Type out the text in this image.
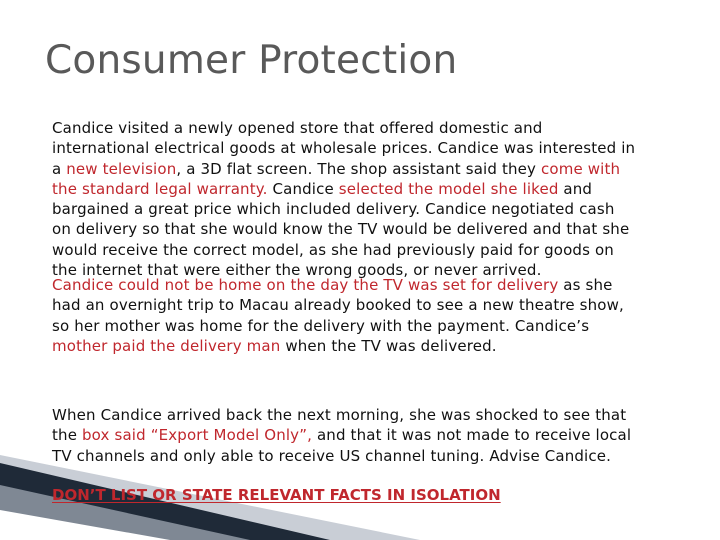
Consumer Protection
Candice visited a newly opened store that offered domestic and
international electrical goods at wholesale prices. Candice was interested in
a new television, a 3D flat screen. The shop assistant said they come with
the standard legal warranty. Candice selected the model she liked and
bargained a great price which included delivery. Candice negotiated cash
on delivery so that she would know the TV would be delivered and that she
would receive the correct model, as she had previously paid for goods on
the internet that were either the wrong goods, or never arrived.
Candice could not be home on the day the TV was set for delivery as she
had an overnight trip to Macau already booked to see a new theatre show,
so her mother was home for the delivery with the payment. Candice’s
mother paid the delivery man when the TV was delivered.
When Candice arrived back the next morning, she was shocked to see that
the box said “Export Model Only”, and that it was not made to receive local
TV channels and only able to receive US channel tuning. Advise Candice.
DON’T LIST OR STATE RELEVANT FACTS IN ISOLATION
